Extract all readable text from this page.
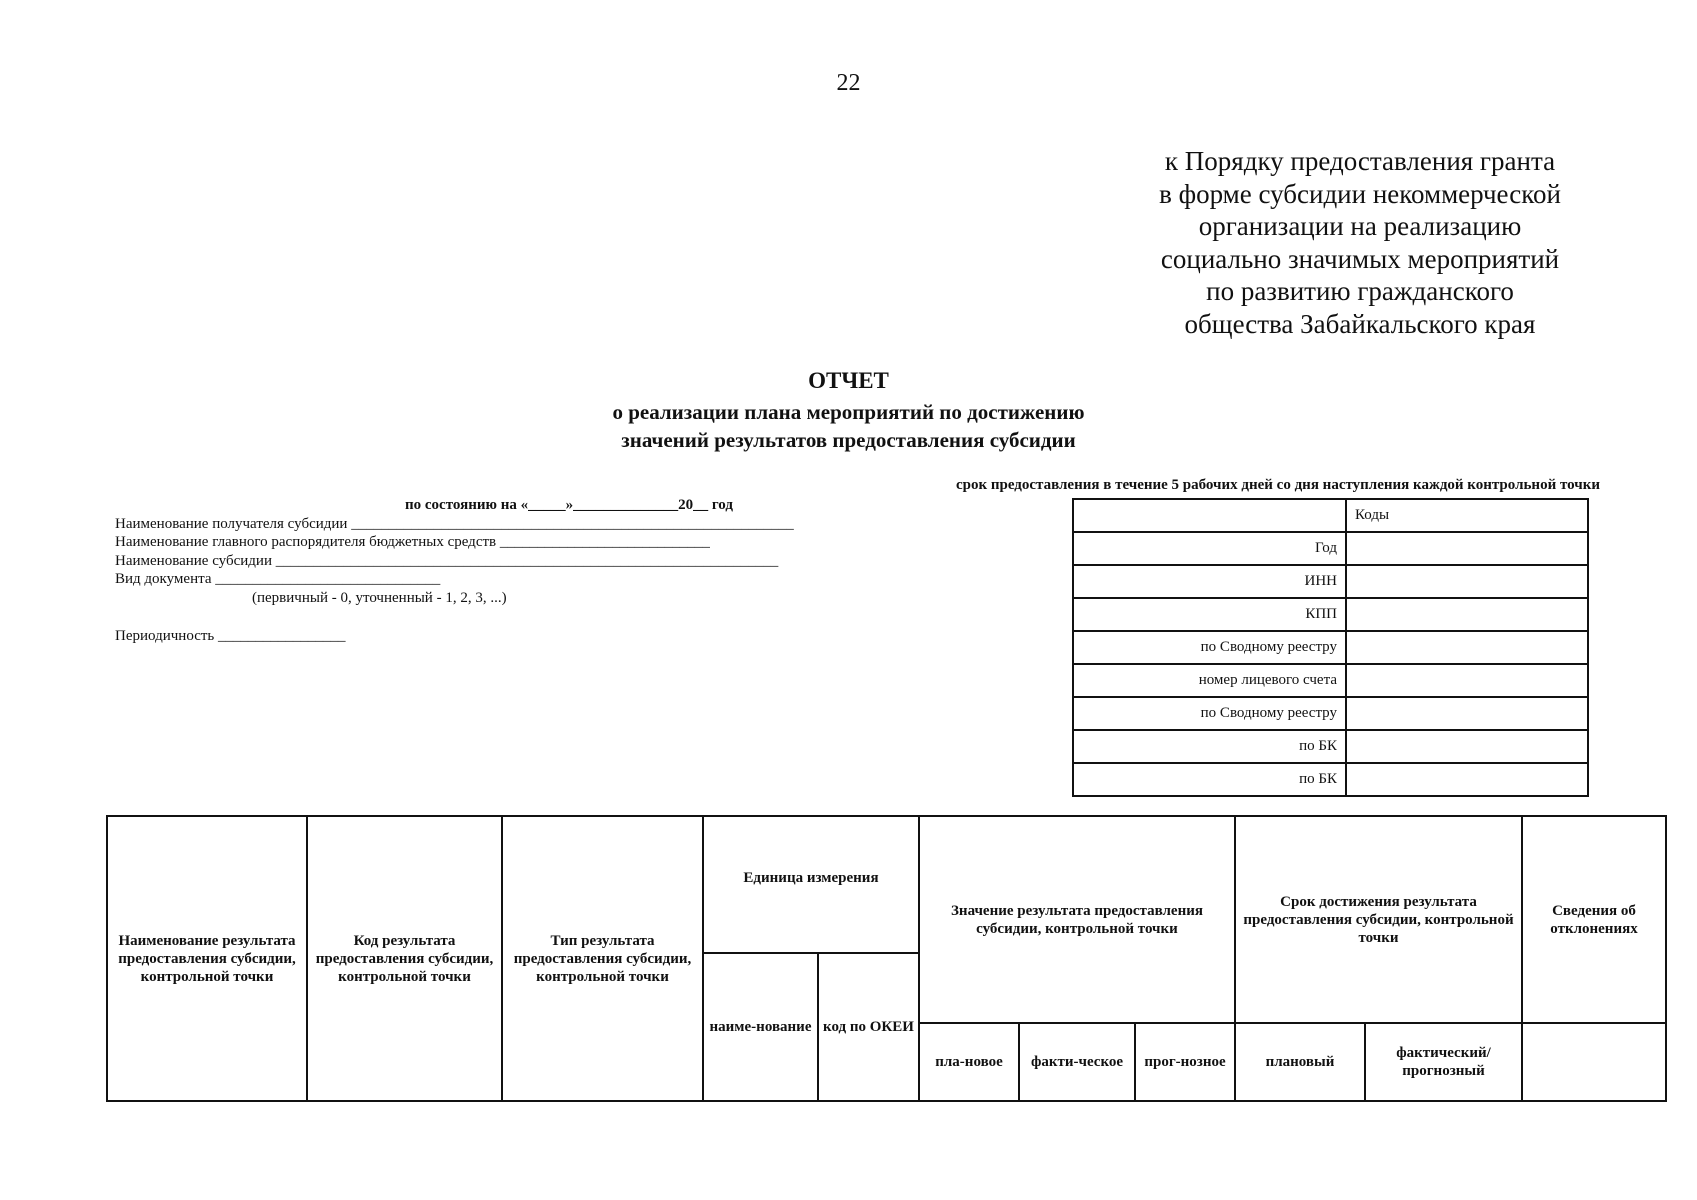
22
к Порядку предоставления гранта
в форме субсидии некоммерческой
организации на реализацию
социально значимых мероприятий
по развитию гражданского
общества Забайкальского края
ОТЧЕТ
о реализации плана мероприятий по достижению
значений результатов предоставления субсидии
срок предоставления в течение 5 рабочих дней со дня наступления каждой контрольной точки
по состоянию на «_____»______________20__ год
Наименование получателя субсидии ___________________________________________________________
Наименование главного распорядителя бюджетных средств ____________________________
Наименование субсидии ___________________________________________________________________
Вид документа ______________________________
(первичный - 0, уточненный - 1, 2, 3, ...)
Периодичность _________________
	Коды
Год	
ИНН	
КПП	
по Сводному реестру	
номер лицевого счета	
по Сводному реестру	
по БК	
по БК	
Наименование результата предоставления субсидии, контрольной точки	Код результата предоставления субсидии, контрольной точки	Тип результата предоставления субсидии, контрольной точки	Единица измерения		Значение результата предоставления субсидии, контрольной точки			Срок достижения результата предоставления субсидии, контрольной точки		Сведения об отклонениях
			наиме-нование	код по ОКЕИ						
					пла-новое	факти-ческое	прог-нозное	плановый	фактический/ прогнозный	
